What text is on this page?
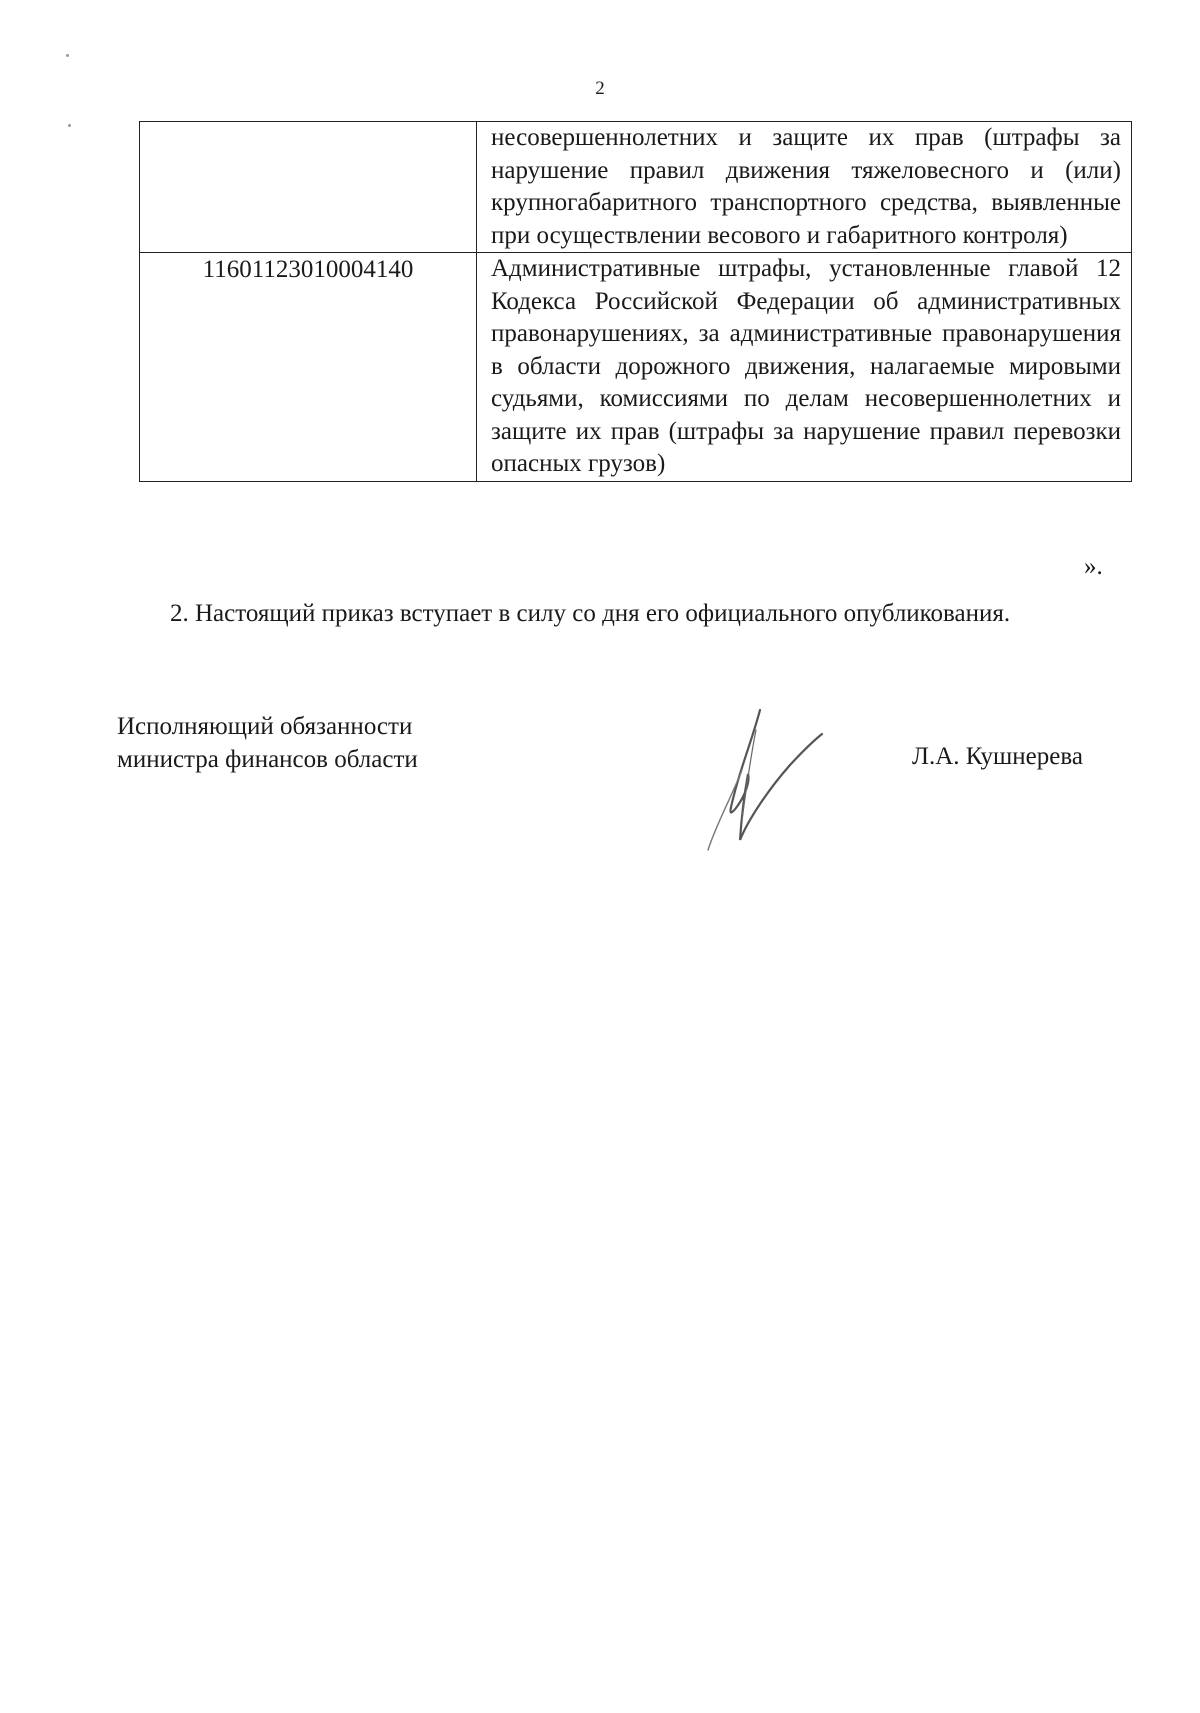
2

	несовершеннолетних и защите их прав (штрафы за нарушение правил движения тяжеловесного и (или) крупногабаритного транспортного средства, выявленные при осуществлении весового и габаритного контроля)

11601123010004140	Административные штрафы, установленные главой 12 Кодекса Российской Федерации об административных правонарушениях, за административные правонарушения в области дорожного движения, налагаемые мировыми судьями, комиссиями по делам несовершеннолетних и защите их прав (штрафы за нарушение правил перевозки опасных грузов)

».
2. Настоящий приказ вступает в силу со дня его официального опубликования.
Исполняющий обязанности
министра финансов области	Л.А. Кушнерева
